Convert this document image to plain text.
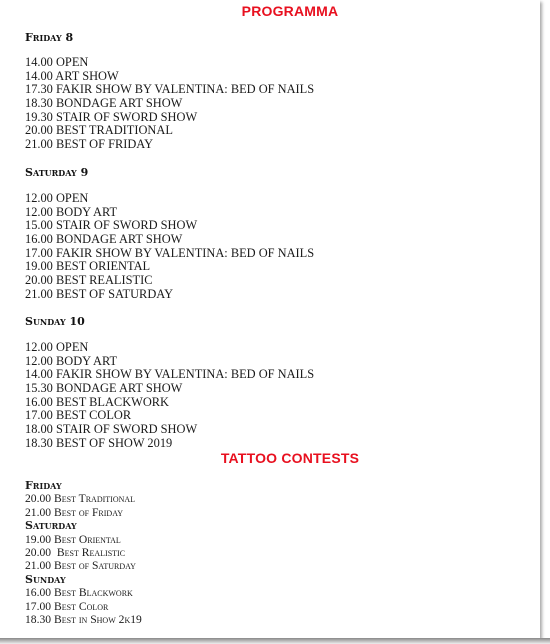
PROGRAMMA
Friday 8
14.00 OPEN
14.00 ART SHOW
17.30 FAKIR SHOW BY VALENTINA: BED OF NAILS
18.30 BONDAGE ART SHOW
19.30 STAIR OF SWORD SHOW
20.00 BEST TRADITIONAL
21.00 BEST OF FRIDAY
Saturday 9
12.00 OPEN
12.00 BODY ART
15.00 STAIR OF SWORD SHOW
16.00 BONDAGE ART SHOW
17.00 FAKIR SHOW BY VALENTINA: BED OF NAILS
19.00 BEST ORIENTAL
20.00 BEST REALISTIC
21.00 BEST OF SATURDAY
Sunday 10
12.00 OPEN
12.00 BODY ART
14.00 FAKIR SHOW BY VALENTINA: BED OF NAILS
15.30 BONDAGE ART SHOW
16.00 BEST BLACKWORK
17.00 BEST COLOR
18.00 STAIR OF SWORD SHOW
18.30 BEST OF SHOW 2019
TATTOO CONTESTS
Friday
20.00 Best Traditional
21.00 Best of Friday
Saturday
19.00 Best Oriental
20.00  Best Realistic
21.00 Best of Saturday
Sunday
16.00 Best Blackwork
17.00 Best Color
18.30 Best in Show 2k19
